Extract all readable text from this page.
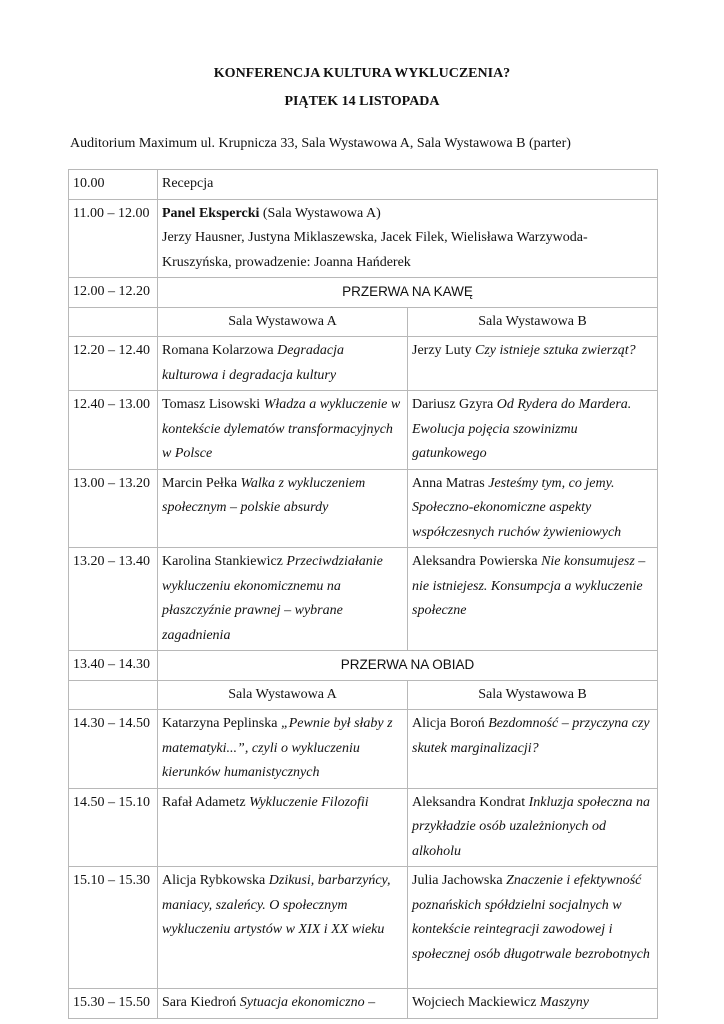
KONFERENCJA KULTURA WYKLUCZENIA?
PIĄTEK 14 LISTOPADA
Auditorium Maximum ul. Krupnicza 33, Sala Wystawowa A, Sala Wystawowa B (parter)
10.00	Recepcja	
11.00 – 12.00	Panel Ekspercki (Sala Wystawowa A)
Jerzy Hausner, Justyna Miklaszewska, Jacek Filek, Wielisława Warzywoda-Kruszyńska, prowadzenie: Joanna Hańderek	
12.00 – 12.20	PRZERWA NA KAWĘ	
	Sala Wystawowa A	Sala Wystawowa B
12.20 – 12.40	Romana Kolarzowa Degradacja kulturowa i degradacja kultury	Jerzy Luty Czy istnieje sztuka zwierząt?
12.40 – 13.00	Tomasz Lisowski Władza a wykluczenie w kontekście dylematów transformacyjnych w Polsce	Dariusz Gzyra Od Rydera do Mardera. Ewolucja pojęcia szowinizmu gatunkowego
13.00 – 13.20	Marcin Pełka Walka z wykluczeniem społecznym – polskie absurdy	Anna Matras Jesteśmy tym, co jemy. Społeczno-ekonomiczne aspekty współczesnych ruchów żywieniowych
13.20 – 13.40	Karolina Stankiewicz Przeciwdziałanie wykluczeniu ekonomicznemu na płaszczyźnie prawnej – wybrane zagadnienia	Aleksandra Powierska Nie konsumujesz – nie istniejesz. Konsumpcja a wykluczenie społeczne
13.40 – 14.30	PRZERWA NA OBIAD	
	Sala Wystawowa A	Sala Wystawowa B
14.30 – 14.50	Katarzyna Peplinska „Pewnie był słaby z matematyki...”, czyli o wykluczeniu kierunków humanistycznych	Alicja Boroń Bezdomność – przyczyna czy skutek marginalizacji?
14.50 – 15.10	Rafał Adametz Wykluczenie Filozofii	Aleksandra Kondrat Inkluzja społeczna na przykładzie osób uzależnionych od alkoholu
15.10 – 15.30	Alicja Rybkowska Dzikusi, barbarzyńcy, maniacy, szaleńcy. O społecznym wykluczeniu artystów w XIX i XX wieku	Julia Jachowska Znaczenie i efektywność poznańskich spółdzielni socjalnych w kontekście reintegracji zawodowej i społecznej osób długotrwale bezrobotnych
15.30 – 15.50	Sara Kiedroń Sytuacja ekonomiczno –	Wojciech Mackiewicz Maszyny
